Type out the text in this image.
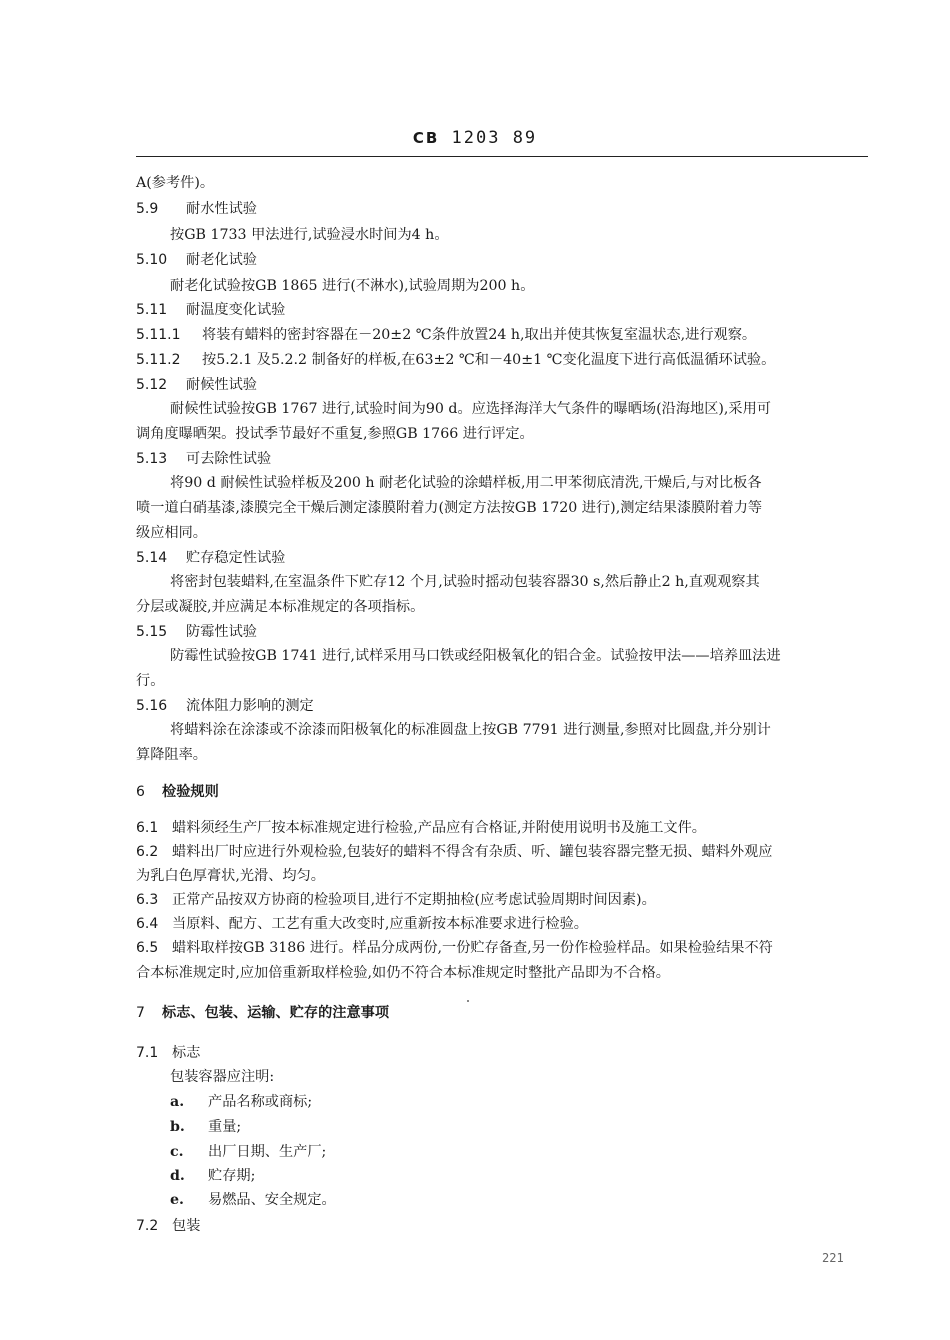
CB 1203 89
A(参考件)。
5.9 耐水性试验
按GB 1733 甲法进行,试验浸水时间为4 h。
5.10 耐老化试验
耐老化试验按GB 1865 进行(不淋水),试验周期为200 h。
5.11 耐温度变化试验
5.11.1 将装有蜡料的密封容器在－20±2 ℃条件放置24 h,取出并使其恢复室温状态,进行观察。
5.11.2 按5.2.1 及5.2.2 制备好的样板,在63±2 ℃和－40±1 ℃变化温度下进行高低温循环试验。
5.12 耐候性试验
耐候性试验按GB 1767 进行,试验时间为90 d。应选择海洋大气条件的曝晒场(沿海地区),采用可
调角度曝晒架。投试季节最好不重复,参照GB 1766 进行评定。
5.13 可去除性试验
将90 d 耐候性试验样板及200 h 耐老化试验的涂蜡样板,用二甲苯彻底清洗,干燥后,与对比板各
喷一道白硝基漆,漆膜完全干燥后测定漆膜附着力(测定方法按GB 1720 进行),测定结果漆膜附着力等
级应相同。
5.14 贮存稳定性试验
将密封包装蜡料,在室温条件下贮存12 个月,试验时摇动包装容器30 s,然后静止2 h,直观观察其
分层或凝胶,并应满足本标准规定的各项指标。
5.15 防霉性试验
防霉性试验按GB 1741 进行,试样采用马口铁或经阳极氧化的铝合金。试验按甲法——培养皿法进
行。
5.16 流体阻力影响的测定
将蜡料涂在涂漆或不涂漆而阳极氧化的标准圆盘上按GB 7791 进行测量,参照对比圆盘,并分别计
算降阻率。
6 检验规则
6.1 蜡料须经生产厂按本标准规定进行检验,产品应有合格证,并附使用说明书及施工文件。
6.2 蜡料出厂时应进行外观检验,包装好的蜡料不得含有杂质、听、罐包装容器完整无损、蜡料外观应
为乳白色厚膏状,光滑、均匀。
6.3 正常产品按双方协商的检验项目,进行不定期抽检(应考虑试验周期时间因素)。
6.4 当原料、配方、工艺有重大改变时,应重新按本标准要求进行检验。
6.5 蜡料取样按GB 3186 进行。样品分成两份,一份贮存备查,另一份作检验样品。如果检验结果不符
合本标准规定时,应加倍重新取样检验,如仍不符合本标准规定时整批产品即为不合格。
7 标志、包装、运输、贮存的注意事项
7.1 标志
包装容器应注明:
a. 产品名称或商标;
b. 重量;
c. 出厂日期、生产厂;
d. 贮存期;
e. 易燃品、安全规定。
7.2 包装
221
